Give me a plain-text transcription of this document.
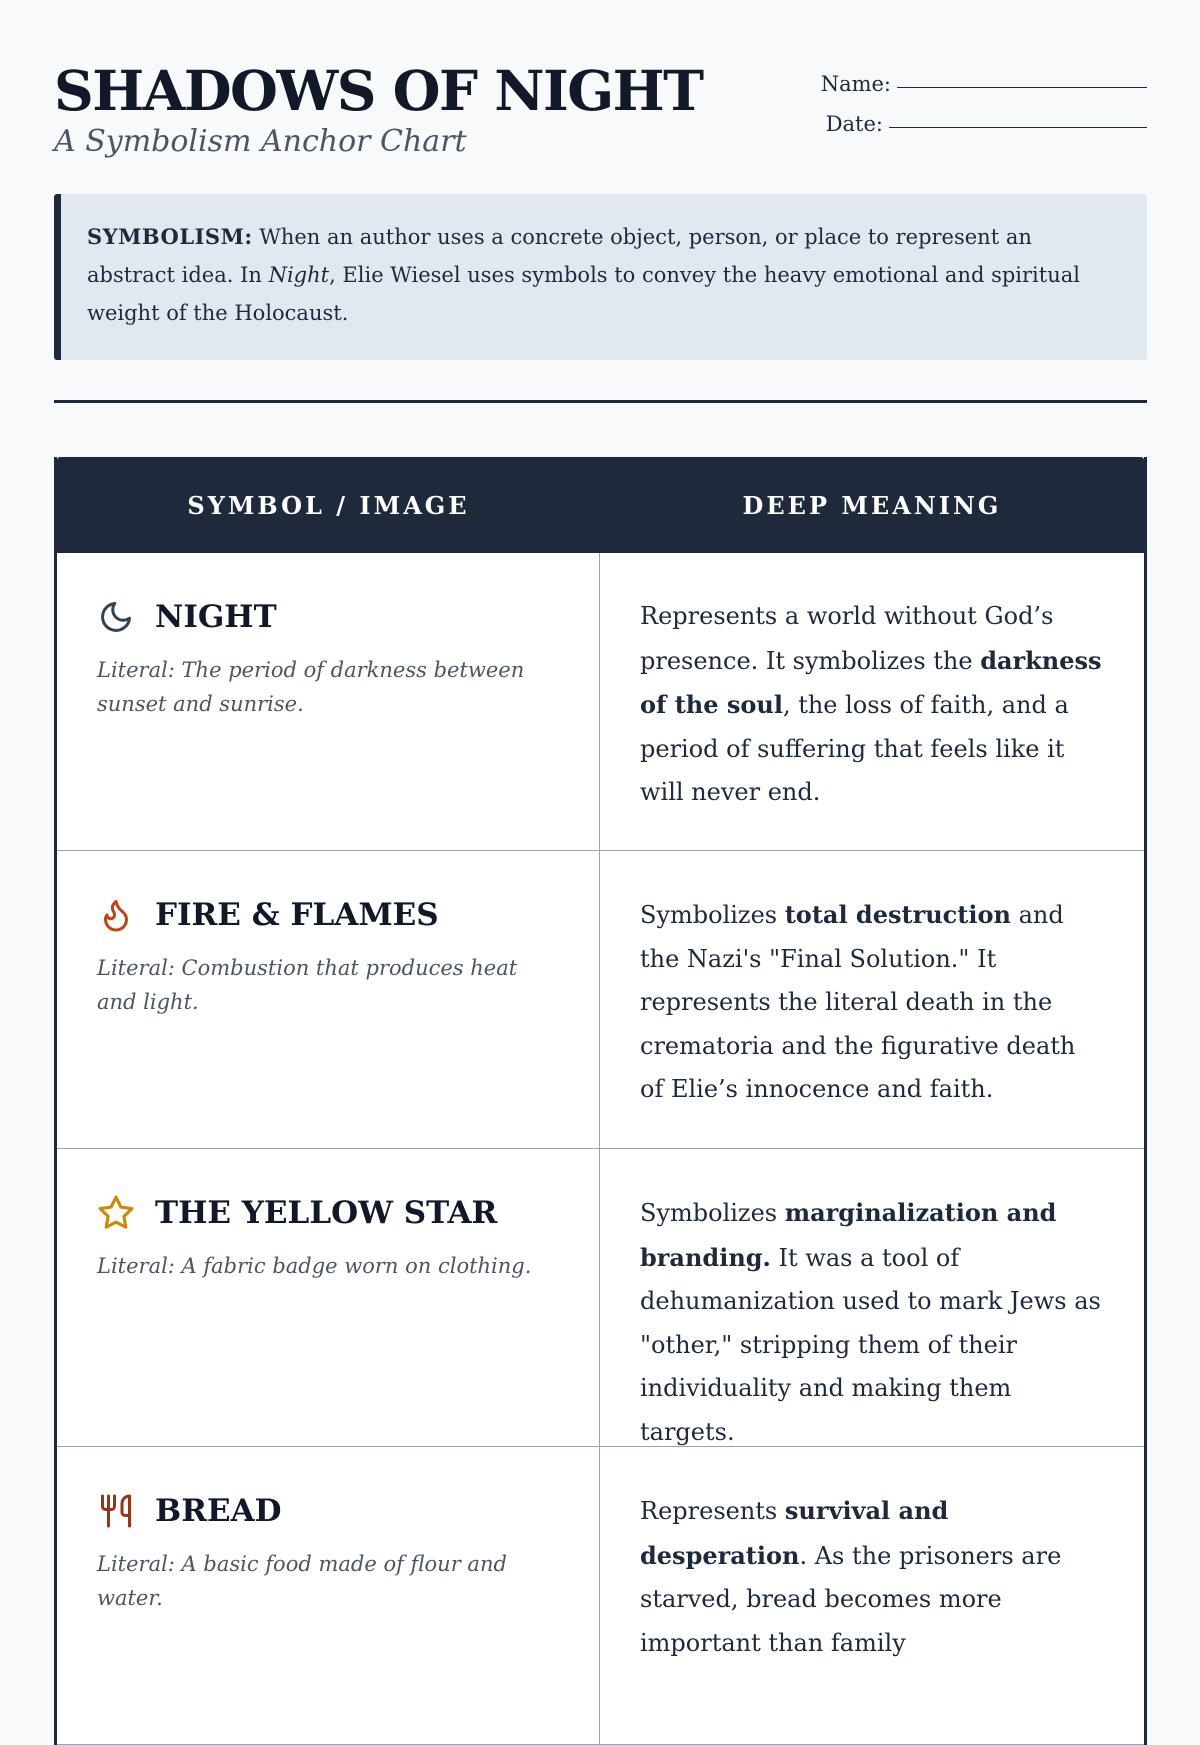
SHADOWS OF NIGHT
A Symbolism Anchor Chart
Name:
Date:
SYMBOLISM: When an author uses a concrete object, person, or place to represent an abstract idea. In Night, Elie Wiesel uses symbols to convey the heavy emotional and spiritual weight of the Holocaust.
SYMBOL / IMAGE	DEEP MEANING
NIGHT
Literal: The period of darkness between sunset and sunrise.
Represents a world without God’s presence. It symbolizes the darkness of the soul, the loss of faith, and a period of suffering that feels like it will never end.
FIRE & FLAMES
Literal: Combustion that produces heat and light.
Symbolizes total destruction and the Nazi's "Final Solution." It represents the literal death in the crematoria and the figurative death of Elie’s innocence and faith.
THE YELLOW STAR
Literal: A fabric badge worn on clothing.
Symbolizes marginalization and branding. It was a tool of dehumanization used to mark Jews as "other," stripping them of their individuality and making them targets.
BREAD
Literal: A basic food made of flour and water.
Represents survival and desperation. As the prisoners are starved, bread becomes more important than family
